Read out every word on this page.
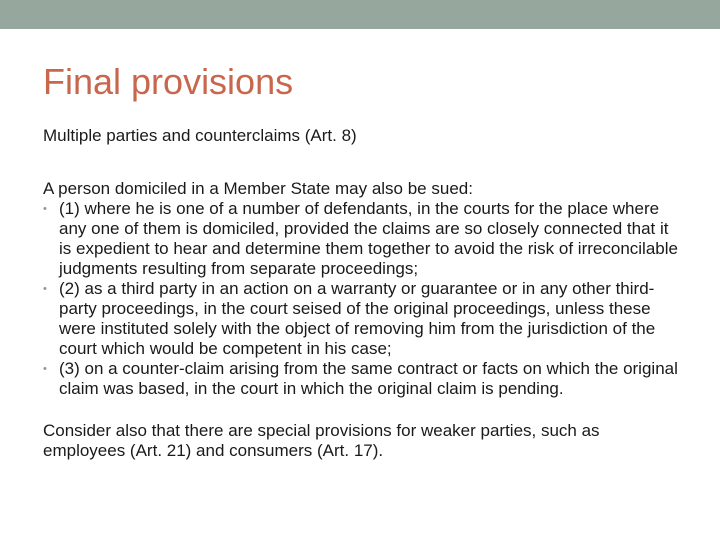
Final provisions

Multiple parties and counterclaims (Art. 8)

A person domiciled in a Member State may also be sued:

• (1) where he is one of a number of defendants, in the courts for the place where any one of them is domiciled, provided the claims are so closely connected that it is expedient to hear and determine them together to avoid the risk of irreconcilable judgments resulting from separate proceedings;
• (2) as a third party in an action on a warranty or guarantee or in any other third-party proceedings, in the court seised of the original proceedings, unless these were instituted solely with the object of removing him from the jurisdiction of the court which would be competent in his case;
• (3) on a counter-claim arising from the same contract or facts on which the original claim was based, in the court in which the original claim is pending.

Consider also that there are special provisions for weaker parties, such as employees (Art. 21) and consumers (Art. 17).
